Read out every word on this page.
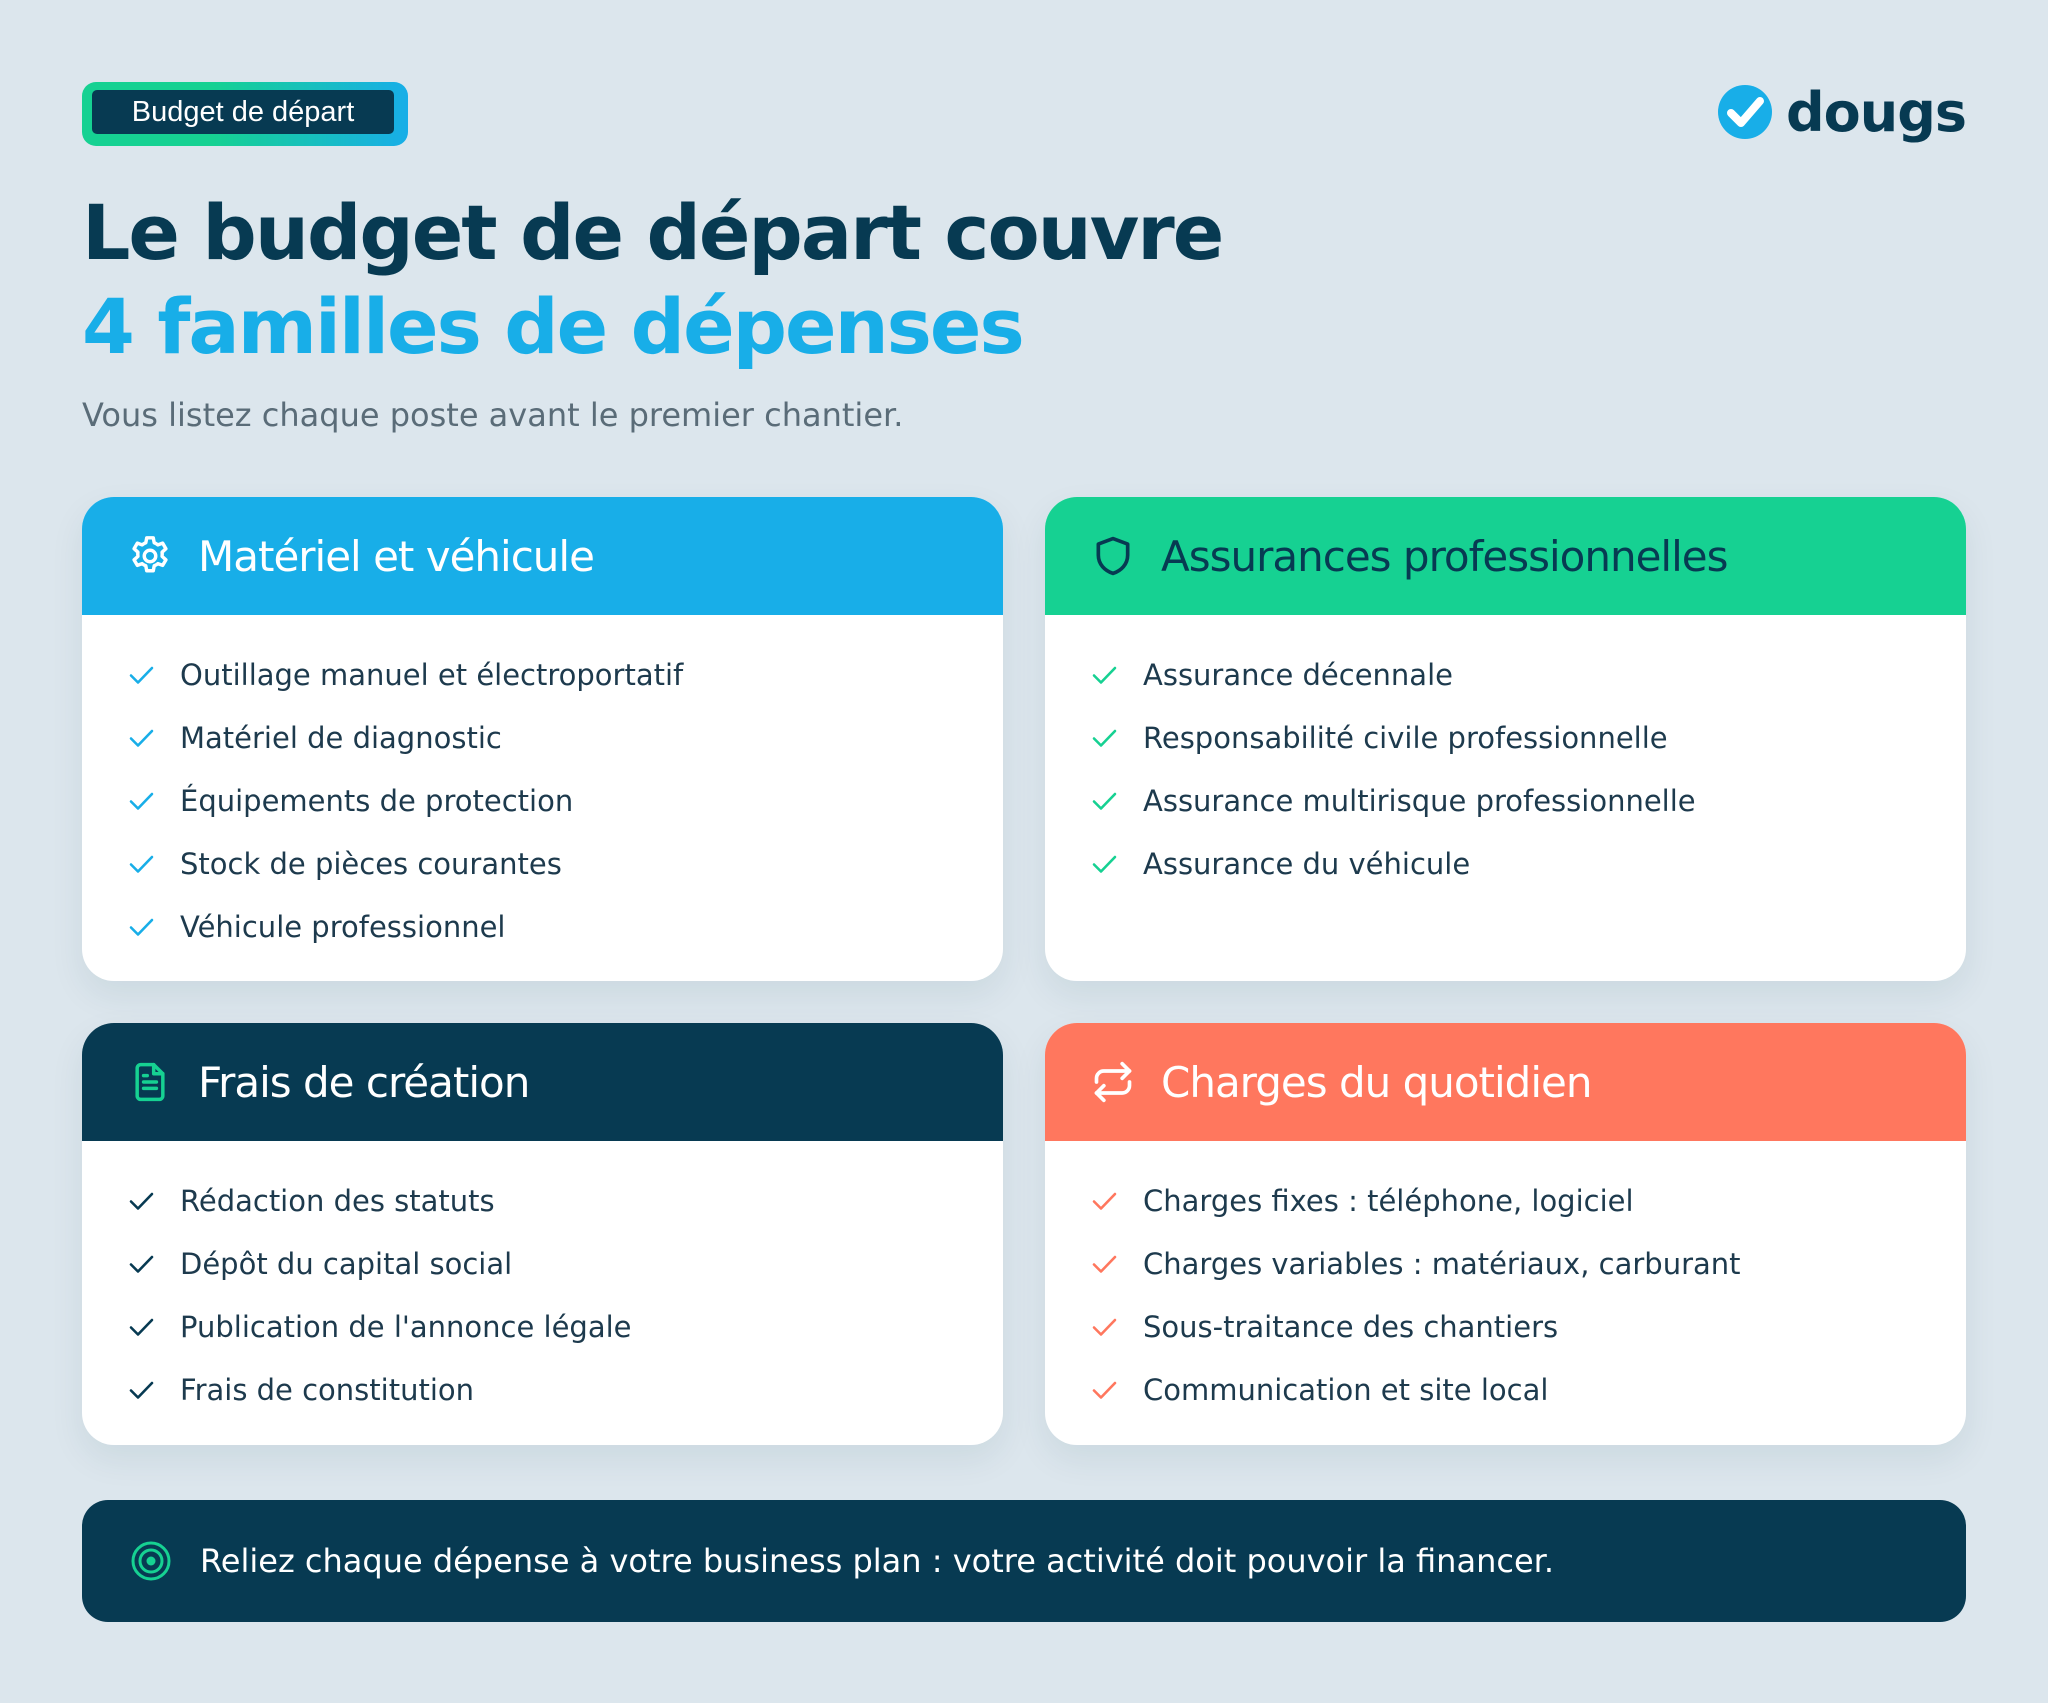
Budget de départ	dougs
Le budget de départ couvre
4 familles de dépenses

Vous listez chaque poste avant le premier chantier.

Matériel et véhicule
Outillage manuel et électroportatif
Matériel de diagnostic
Équipements de protection
Stock de pièces courantes
Véhicule professionnel
Assurances professionnelles
Assurance décennale
Responsabilité civile professionnelle
Assurance multirisque professionnelle
Assurance du véhicule
Frais de création
Rédaction des statuts
Dépôt du capital social
Publication de l'annonce légale
Frais de constitution
Charges du quotidien
Charges fixes : téléphone, logiciel
Charges variables : matériaux, carburant
Sous-traitance des chantiers
Communication et site local
Reliez chaque dépense à votre business plan : votre activité doit pouvoir la financer.
